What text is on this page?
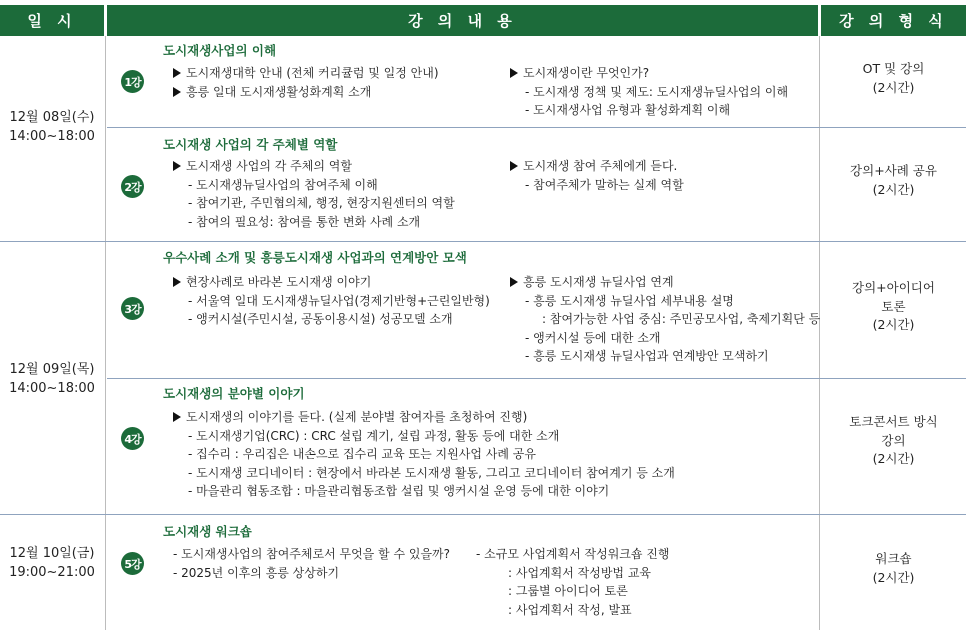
일 시	강 의 내 용	강 의 형 식
12월 08일(수)
14:00~18:00
12월 09일(목)
14:00~18:00
12월 10일(금)
19:00~21:00
1강
도시재생사업의 이해
도시재생대학 안내 (전체 커리큘럼 및 일정 안내)
흥릉 일대 도시재생활성화계획 소개
도시재생이란 무엇인가?
- 도시재생 정책 및 제도: 도시재생뉴딜사업의 이해
- 도시재생사업 유형과 활성화계획 이해
OT 및 강의
(2시간)
2강
도시재생 사업의 각 주체별 역할
도시재생 사업의 각 주체의 역할
- 도시재생뉴딜사업의 참여주체 이해
- 참여기관, 주민협의체, 행정, 현장지원센터의 역할
- 참여의 필요성: 참여를 통한 변화 사례 소개
도시재생 참여 주체에게 듣다.
- 참여주체가 말하는 실제 역할
강의+사례 공유
(2시간)
3강
우수사례 소개 및 흥릉도시재생 사업과의 연계방안 모색
현장사례로 바라본 도시재생 이야기
- 서울역 일대 도시재생뉴딜사업(경제기반형+근린일반형)
- 앵커시설(주민시설, 공동이용시설) 성공모델 소개
흥릉 도시재생 뉴딜사업 연계
- 흥릉 도시재생 뉴딜사업 세부내용 설명
: 참여가능한 사업 중심: 주민공모사업, 축제기획단 등
- 앵커시설 등에 대한 소개
- 흥릉 도시재생 뉴딜사업과 연계방안 모색하기
강의+아이디어
토론
(2시간)
4강
도시재생의 분야별 이야기
도시재생의 이야기를 듣다. (실제 분야별 참여자를 초청하여 진행)
- 도시재생기업(CRC) : CRC 설립 계기, 설립 과정, 활동 등에 대한 소개
- 집수리 : 우리집은 내손으로 집수리 교육 또는 지원사업 사례 공유
- 도시재생 코디네이터 : 현장에서 바라본 도시재생 활동, 그리고 코디네이터 참여계기 등 소개
- 마을관리 협동조합 : 마을관리협동조합 설립 및 앵커시설 운영 등에 대한 이야기
토크콘서트 방식
강의
(2시간)
5강
도시재생 워크숍
- 도시재생사업의 참여주체로서 무엇을 할 수 있을까?
- 2025년 이후의 흥릉 상상하기
- 소규모 사업계획서 작성워크숍 진행
: 사업계획서 작성방법 교육
: 그룹별 아이디어 토론
: 사업계획서 작성, 발표
워크숍
(2시간)
